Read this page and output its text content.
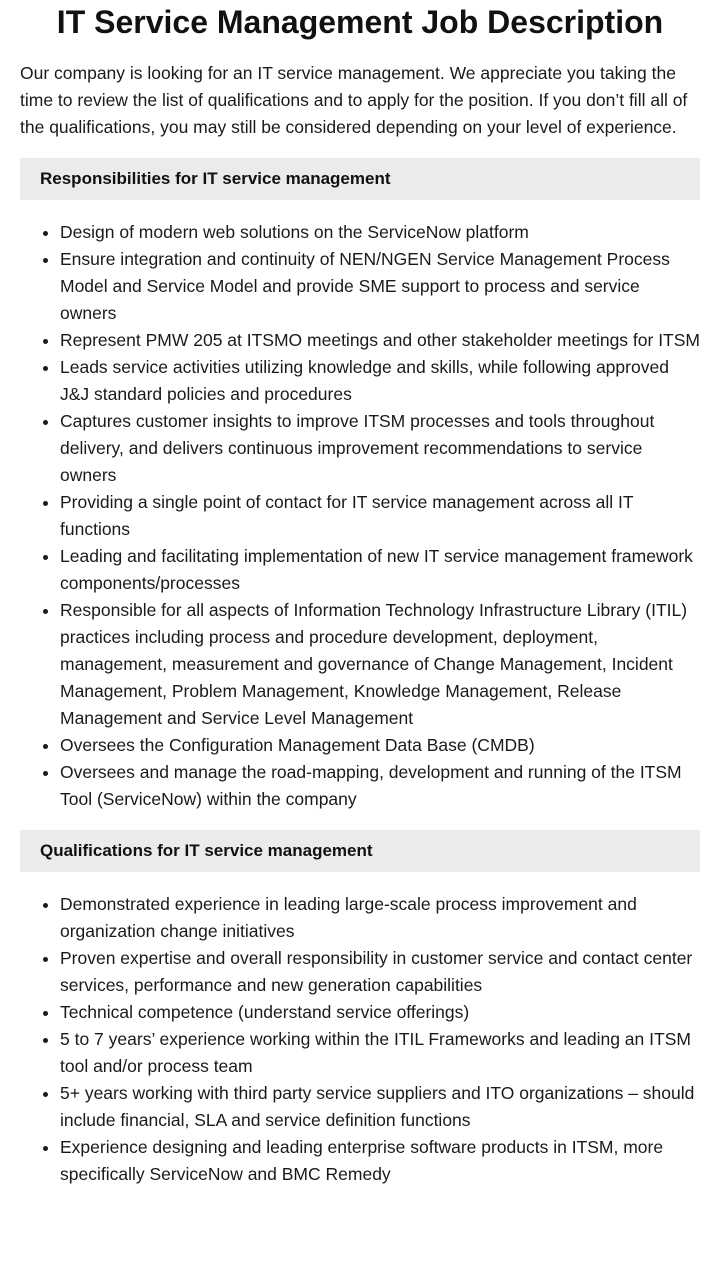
IT Service Management Job Description

Our company is looking for an IT service management. We appreciate you taking the time to review the list of qualifications and to apply for the position. If you don’t fill all of the qualifications, you may still be considered depending on your level of experience.

Responsibilities for IT service management
• Design of modern web solutions on the ServiceNow platform
• Ensure integration and continuity of NEN/NGEN Service Management Process Model and Service Model and provide SME support to process and service owners
• Represent PMW 205 at ITSMO meetings and other stakeholder meetings for ITSM
• Leads service activities utilizing knowledge and skills, while following approved J&J standard policies and procedures
• Captures customer insights to improve ITSM processes and tools throughout delivery, and delivers continuous improvement recommendations to service owners
• Providing a single point of contact for IT service management across all IT functions
• Leading and facilitating implementation of new IT service management framework components/processes
• Responsible for all aspects of Information Technology Infrastructure Library (ITIL) practices including process and procedure development, deployment, management, measurement and governance of Change Management, Incident Management, Problem Management, Knowledge Management, Release Management and Service Level Management
• Oversees the Configuration Management Data Base (CMDB)
• Oversees and manage the road-mapping, development and running of the ITSM Tool (ServiceNow) within the company
Qualifications for IT service management
• Demonstrated experience in leading large-scale process improvement and organization change initiatives
• Proven expertise and overall responsibility in customer service and contact center services, performance and new generation capabilities
• Technical competence (understand service offerings)
• 5 to 7 years’ experience working within the ITIL Frameworks and leading an ITSM tool and/or process team
• 5+ years working with third party service suppliers and ITO organizations – should include financial, SLA and service definition functions
• Experience designing and leading enterprise software products in ITSM, more specifically ServiceNow and BMC Remedy
